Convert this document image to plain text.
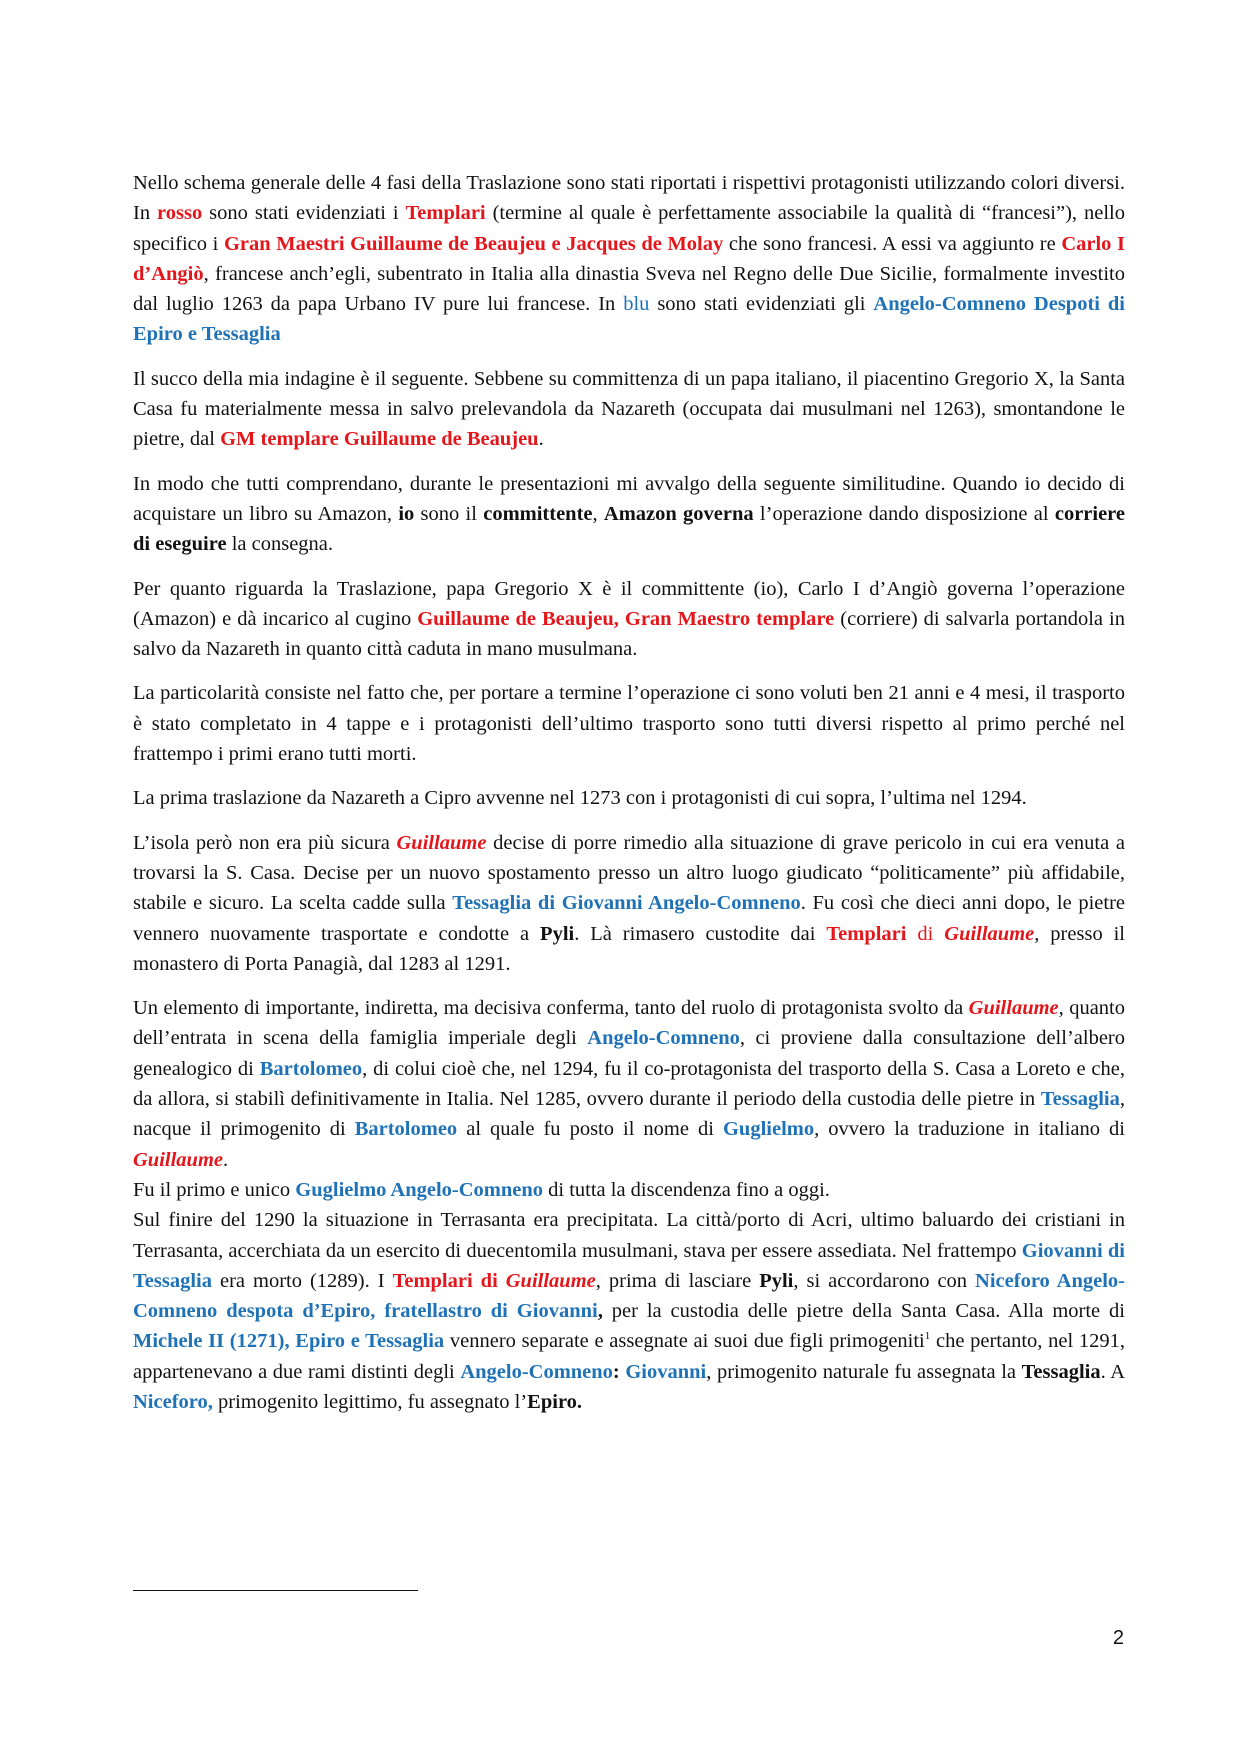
Nello schema generale delle 4 fasi della Traslazione sono stati riportati i rispettivi protagonisti utilizzando colori diversi. In rosso sono stati evidenziati i Templari (termine al quale è perfettamente associabile la qualità di “francesi”), nello specifico i Gran Maestri Guillaume de Beaujeu e Jacques de Molay che sono francesi. A essi va aggiunto re Carlo I d’Angiò, francese anch’egli, subentrato in Italia alla dinastia Sveva nel Regno delle Due Sicilie, formalmente investito dal luglio 1263 da papa Urbano IV pure lui francese. In blu sono stati evidenziati gli Angelo-Comneno Despoti di Epiro e Tessaglia

Il succo della mia indagine è il seguente. Sebbene su committenza di un papa italiano, il piacentino Gregorio X, la Santa Casa fu materialmente messa in salvo prelevandola da Nazareth (occupata dai musulmani nel 1263), smontandone le pietre, dal GM templare Guillaume de Beaujeu.

In modo che tutti comprendano, durante le presentazioni mi avvalgo della seguente similitudine. Quando io decido di acquistare un libro su Amazon, io sono il committente, Amazon governa l’operazione dando disposizione al corriere di eseguire la consegna.

Per quanto riguarda la Traslazione, papa Gregorio X è il committente (io), Carlo I d’Angiò governa l’operazione (Amazon) e dà incarico al cugino Guillaume de Beaujeu, Gran Maestro templare (corriere) di salvarla portandola in salvo da Nazareth in quanto città caduta in mano musulmana.

La particolarità consiste nel fatto che, per portare a termine l’operazione ci sono voluti ben 21 anni e 4 mesi, il trasporto è stato completato in 4 tappe e i protagonisti dell’ultimo trasporto sono tutti diversi rispetto al primo perché nel frattempo i primi erano tutti morti.

La prima traslazione da Nazareth a Cipro avvenne nel 1273 con i protagonisti di cui sopra, l’ultima nel 1294.

L’isola però non era più sicura Guillaume decise di porre rimedio alla situazione di grave pericolo in cui era venuta a trovarsi la S. Casa. Decise per un nuovo spostamento presso un altro luogo giudicato “politicamente” più affidabile, stabile e sicuro. La scelta cadde sulla Tessaglia di Giovanni Angelo-Comneno. Fu così che dieci anni dopo, le pietre vennero nuovamente trasportate e condotte a Pyli. Là rimasero custodite dai Templari di Guillaume, presso il monastero di Porta Panagià, dal 1283 al 1291.

Un elemento di importante, indiretta, ma decisiva conferma, tanto del ruolo di protagonista svolto da Guillaume, quanto dell’entrata in scena della famiglia imperiale degli Angelo-Comneno, ci proviene dalla consultazione dell’albero genealogico di Bartolomeo, di colui cioè che, nel 1294, fu il co-protagonista del trasporto della S. Casa a Loreto e che, da allora, si stabilì definitivamente in Italia. Nel 1285, ovvero durante il periodo della custodia delle pietre in Tessaglia, nacque il primogenito di Bartolomeo al quale fu posto il nome di Guglielmo, ovvero la traduzione in italiano di Guillaume.

Fu il primo e unico Guglielmo Angelo-Comneno di tutta la discendenza fino a oggi.

Sul finire del 1290 la situazione in Terrasanta era precipitata. La città/porto di Acri, ultimo baluardo dei cristiani in Terrasanta, accerchiata da un esercito di duecentomila musulmani, stava per essere assediata. Nel frattempo Giovanni di Tessaglia era morto (1289). I Templari di Guillaume, prima di lasciare Pyli, si accordarono con Niceforo Angelo-Comneno despota d’Epiro, fratellastro di Giovanni, per la custodia delle pietre della Santa Casa. Alla morte di Michele II (1271), Epiro e Tessaglia vennero separate e assegnate ai suoi due figli primogeniti$^1$ che pertanto, nel 1291, appartenevano a due rami distinti degli Angelo-Comneno: Giovanni, primogenito naturale fu assegnata la Tessaglia. A Niceforo, primogenito legittimo, fu assegnato l’Epiro.

2
